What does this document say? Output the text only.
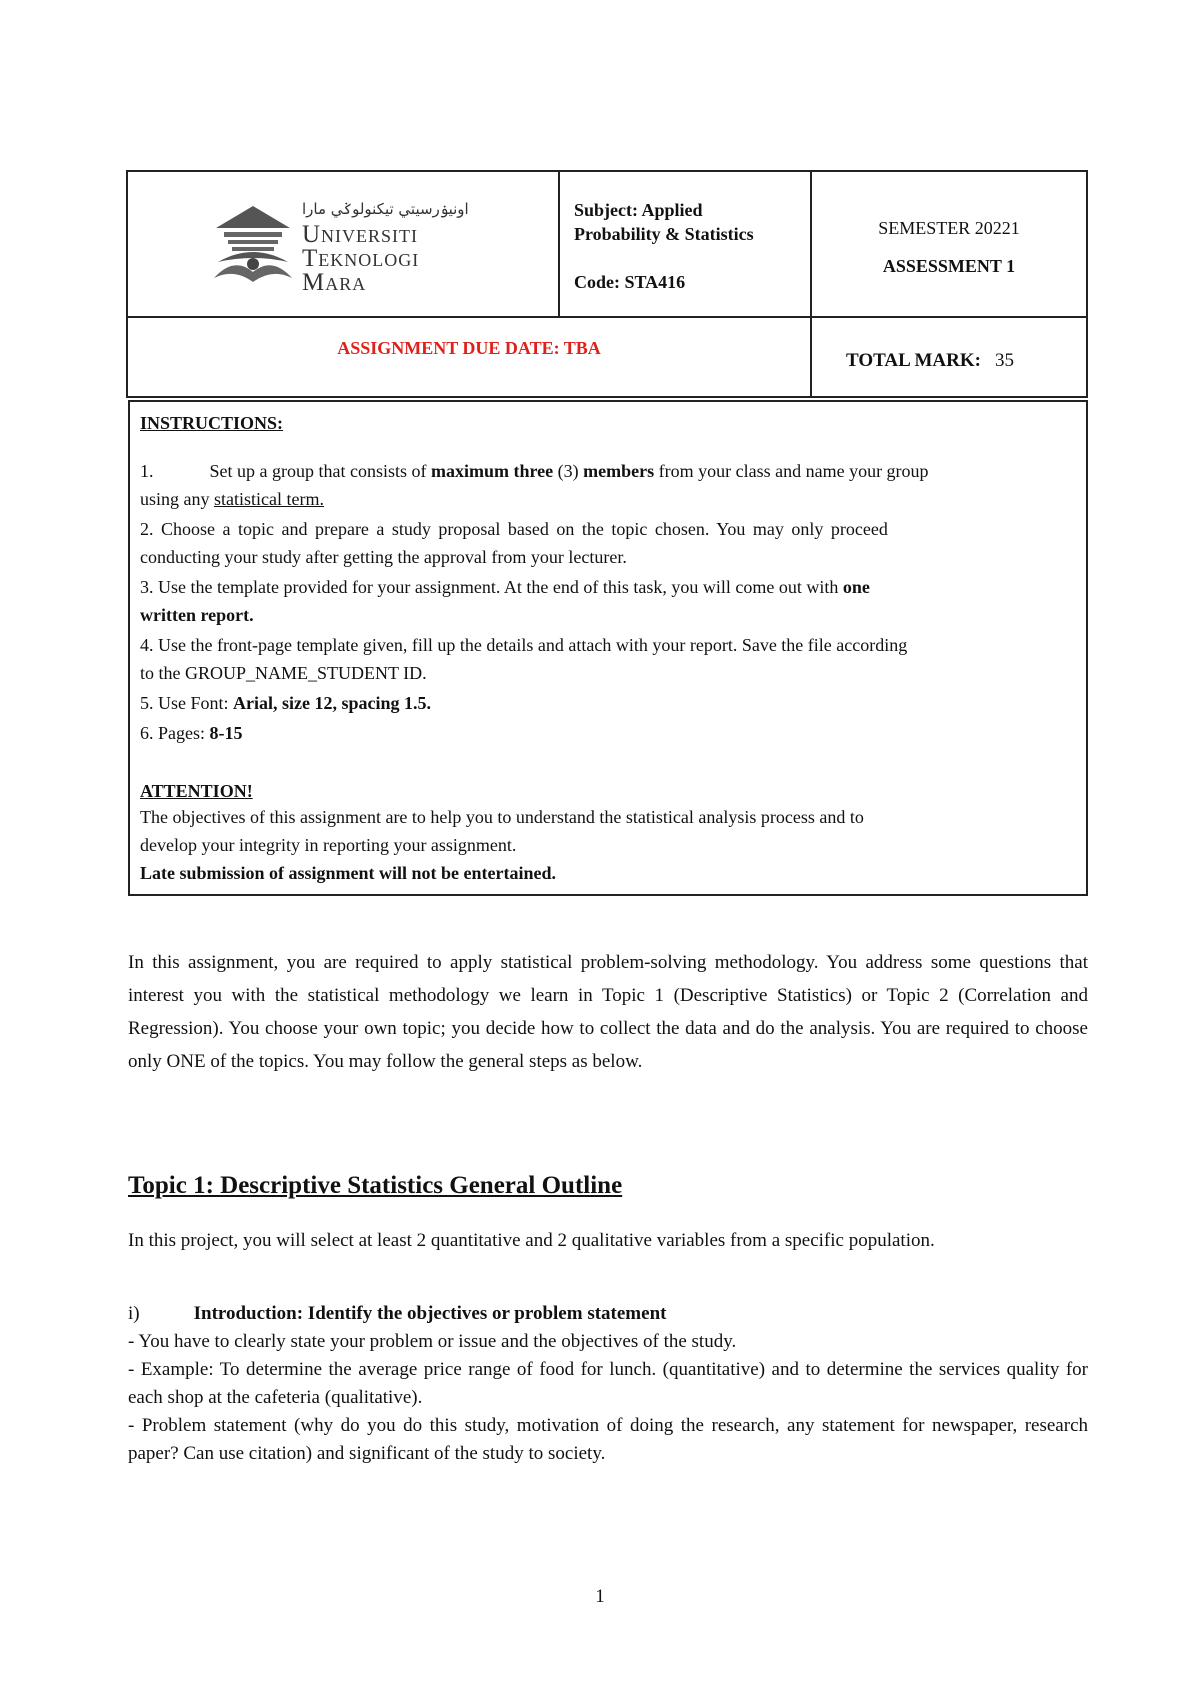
اونيۏرسيتي تيكنولوݢي مارا
Universiti
Teknologi
Mara
Subject: Applied
Probability & Statistics
Code: STA416
SEMESTER 20221
ASSESSMENT 1
ASSIGNMENT DUE DATE: TBA
TOTAL MARK: 35
INSTRUCTIONS:
1.	Set up a group that consists of maximum three (3) members from your class and name your group
using any statistical term.
2. Choose a topic and prepare a study proposal based on the topic chosen. You may only proceed
conducting your study after getting the approval from your lecturer.
3. Use the template provided for your assignment. At the end of this task, you will come out with one
written report.
4. Use the front-page template given, fill up the details and attach with your report. Save the file according
to the GROUP_NAME_STUDENT ID.
5. Use Font: Arial, size 12, spacing 1.5.
6. Pages: 8-15
ATTENTION!
The objectives of this assignment are to help you to understand the statistical analysis process and to
develop your integrity in reporting your assignment.
Late submission of assignment will not be entertained.
In this assignment, you are required to apply statistical problem-solving methodology. You address some questions that interest you with the statistical methodology we learn in Topic 1 (Descriptive Statistics) or Topic 2 (Correlation and Regression). You choose your own topic; you decide how to collect the data and do the analysis. You are required to choose only ONE of the topics. You may follow the general steps as below.
Topic 1: Descriptive Statistics General Outline
In this project, you will select at least 2 quantitative and 2 qualitative variables from a specific population.
i)	Introduction: Identify the objectives or problem statement
- You have to clearly state your problem or issue and the objectives of the study.
- Example: To determine the average price range of food for lunch. (quantitative) and to determine the services quality for each shop at the cafeteria (qualitative).
- Problem statement (why do you do this study, motivation of doing the research, any statement for newspaper, research paper? Can use citation) and significant of the study to society.
1
